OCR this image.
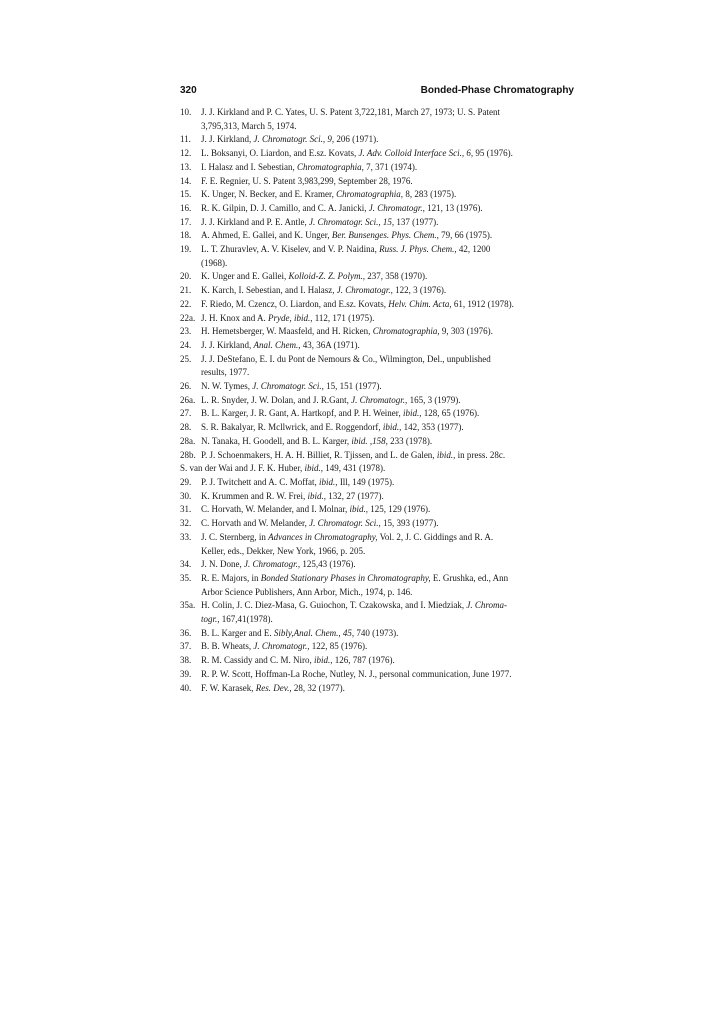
320	Bonded-Phase Chromatography
10. J. J. Kirkland and P. C. Yates, U. S. Patent 3,722,181, March 27, 1973; U. S. Patent
3,795,313, March 5, 1974.
11. J. J. Kirkland, J. Chromatogr. Sci., 9, 206 (1971).
12. L. Boksanyi, O. Liardon, and E.sz. Kovats, J. Adv. Colloid Interface Sci., 6, 95 (1976).
13. I. Halasz and I. Sebestian, Chromatographia, 7, 371 (1974).
14. F. E. Regnier, U. S. Patent 3,983,299, September 28, 1976.
15. K. Unger, N. Becker, and E. Kramer, Chromatographia, 8, 283 (1975).
16. R. K. Gilpin, D. J. Camillo, and C. A. Janicki, J. Chromatogr., 121, 13 (1976).
17. J. J. Kirkland and P. E. Antle, J. Chromatogr. Sci., 15, 137 (1977).
18. A. Ahmed, E. Gallei, and K. Unger, Ber. Bunsenges. Phys. Chem., 79, 66 (1975).
19. L. T. Zhuravlev, A. V. Kiselev, and V. P. Naidina, Russ. J. Phys. Chem., 42, 1200
(1968).
20. K. Unger and E. Gallei, Kolloid-Z. Z. Polym., 237, 358 (1970).
21. K. Karch, I. Sebestian, and I. Halasz, J. Chromatogr., 122, 3 (1976).
22. F. Riedo, M. Czencz, O. Liardon, and E.sz. Kovats, Helv. Chim. Acta, 61, 1912 (1978).
22a. J. H. Knox and A. Pryde, ibid., 112, 171 (1975).
23. H. Hemetsberger, W. Maasfeld, and H. Ricken, Chromatographia, 9, 303 (1976).
24. J. J. Kirkland, Anal. Chem., 43, 36A (1971).
25. J. J. DeStefano, E. I. du Pont de Nemours & Co., Wilmington, Del., unpublished
results, 1977.
26. N. W. Tymes, J. Chromatogr. Sci., 15, 151 (1977).
26a. L. R. Snyder, J. W. Dolan, and J. R.Gant, J. Chromatogr., 165, 3 (1979).
27. B. L. Karger, J. R. Gant, A. Hartkopf, and P. H. Weiner, ibid., 128, 65 (1976).
28. S. R. Bakalyar, R. Mcllwrick, and E. Roggendorf, ibid., 142, 353 (1977).
28a. N. Tanaka, H. Goodell, and B. L. Karger, ibid. ,158, 233 (1978).
28b. P. J. Schoenmakers, H. A. H. Billiet, R. Tjissen, and L. de Galen, ibid., in press. 28c.
S. van der Wai and J. F. K. Huber, ibid., 149, 431 (1978).
29. P. J. Twitchett and A. C. Moffat, ibid., Ill, 149 (1975).
30. K. Krummen and R. W. Frei, ibid., 132, 27 (1977).
31. C. Horvath, W. Melander, and I. Molnar, ibid., 125, 129 (1976).
32. C. Horvath and W. Melander, J. Chromatogr. Sci., 15, 393 (1977).
33. J. C. Sternberg, in Advances in Chromatography, Vol. 2, J. C. Giddings and R. A.
Keller, eds., Dekker, New York, 1966, p. 205.
34. J. N. Done, J. Chromatogr., 125,43 (1976).
35. R. E. Majors, in Bonded Stationary Phases in Chromatography, E. Grushka, ed., Ann
Arbor Science Publishers, Ann Arbor, Mich., 1974, p. 146.
35a. H. Colin, J. C. Diez-Masa, G. Guiochon, T. Czakowska, and I. Miedziak, J. Chroma-
togr., 167,41(1978).
36. B. L. Karger and E. Sibly,Anal. Chem., 45, 740 (1973).
37. B. B. Wheats, J. Chromatogr., 122, 85 (1976).
38. R. M. Cassidy and C. M. Niro, ibid., 126, 787 (1976).
39. R. P. W. Scott, Hoffman-La Roche, Nutley, N. J., personal communication, June 1977.
40. F. W. Karasek, Res. Dev., 28, 32 (1977).
